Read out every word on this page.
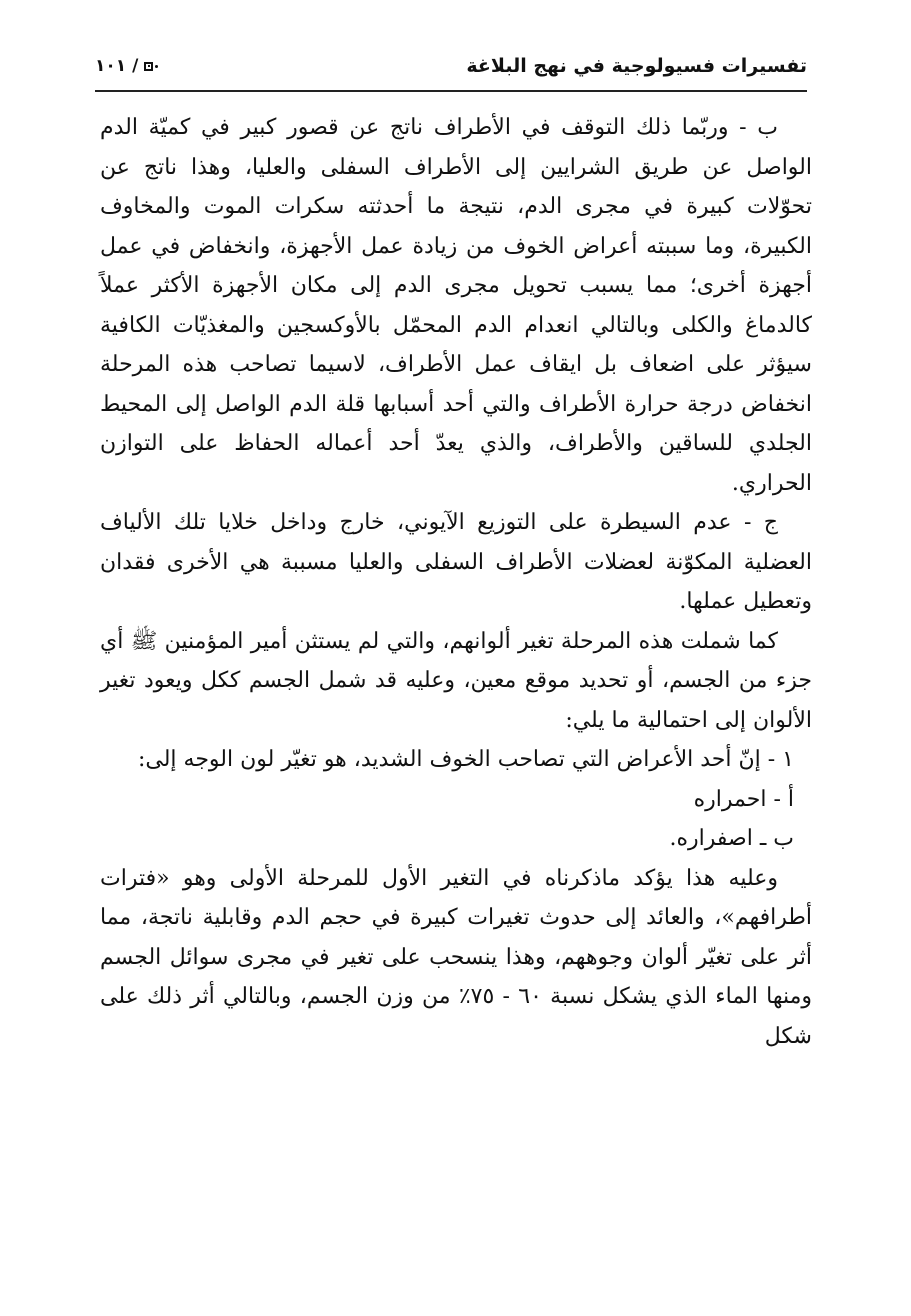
تفسيرات فسيولوجية في نهج البلاغة
١٠١ /

ب - وربّما ذلك التوقف في الأطراف ناتج عن قصور كبير في كميّة الدم الواصل عن طريق الشرايين إلى الأطراف السفلى والعليا، وهذا ناتج عن تحوّلات كبيرة في مجرى الدم، نتيجة ما أحدثته سكرات الموت والمخاوف الكبيرة، وما سببته أعراض الخوف من زيادة عمل الأجهزة، وانخفاض في عمل أجهزة أخرى؛ مما يسبب تحويل مجرى الدم إلى مكان الأجهزة الأكثر عملاً كالدماغ والكلى وبالتالي انعدام الدم المحمّل بالأوكسجين والمغذيّات الكافية سيؤثر على اضعاف بل ايقاف عمل الأطراف، لاسيما تصاحب هذه المرحلة انخفاض درجة حرارة الأطراف والتي أحد أسبابها قلة الدم الواصل إلى المحيط الجلدي للساقين والأطراف، والذي يعدّ أحد أعماله الحفاظ على التوازن الحراري.

ج - عدم السيطرة على التوزيع الآيوني، خارج وداخل خلايا تلك الألياف العضلية المكوّنة لعضلات الأطراف السفلى والعليا مسببة هي الأخرى فقدان وتعطيل عملها.

كما شملت هذه المرحلة تغير ألوانهم، والتي لم يستثن أمير المؤمنين ﷺ أي جزء من الجسم، أو تحديد موقع معين، وعليه قد شمل الجسم ككل ويعود تغير الألوان إلى احتمالية ما يلي:

١ - إنّ أحد الأعراض التي تصاحب الخوف الشديد، هو تغيّر لون الوجه إلى:

أ - احمراره

ب ـ اصفراره.

وعليه هذا يؤكد ماذكرناه في التغير الأول للمرحلة الأولى وهو «فترات أطرافهم»، والعائد إلى حدوث تغيرات كبيرة في حجم الدم وقابلية ناتجة، مما أثر على تغيّر ألوان وجوههم، وهذا ينسحب على تغير في مجرى سوائل الجسم ومنها الماء الذي يشكل نسبة ٦٠ - ٧٥٪ من وزن الجسم، وبالتالي أثر ذلك على شكل
